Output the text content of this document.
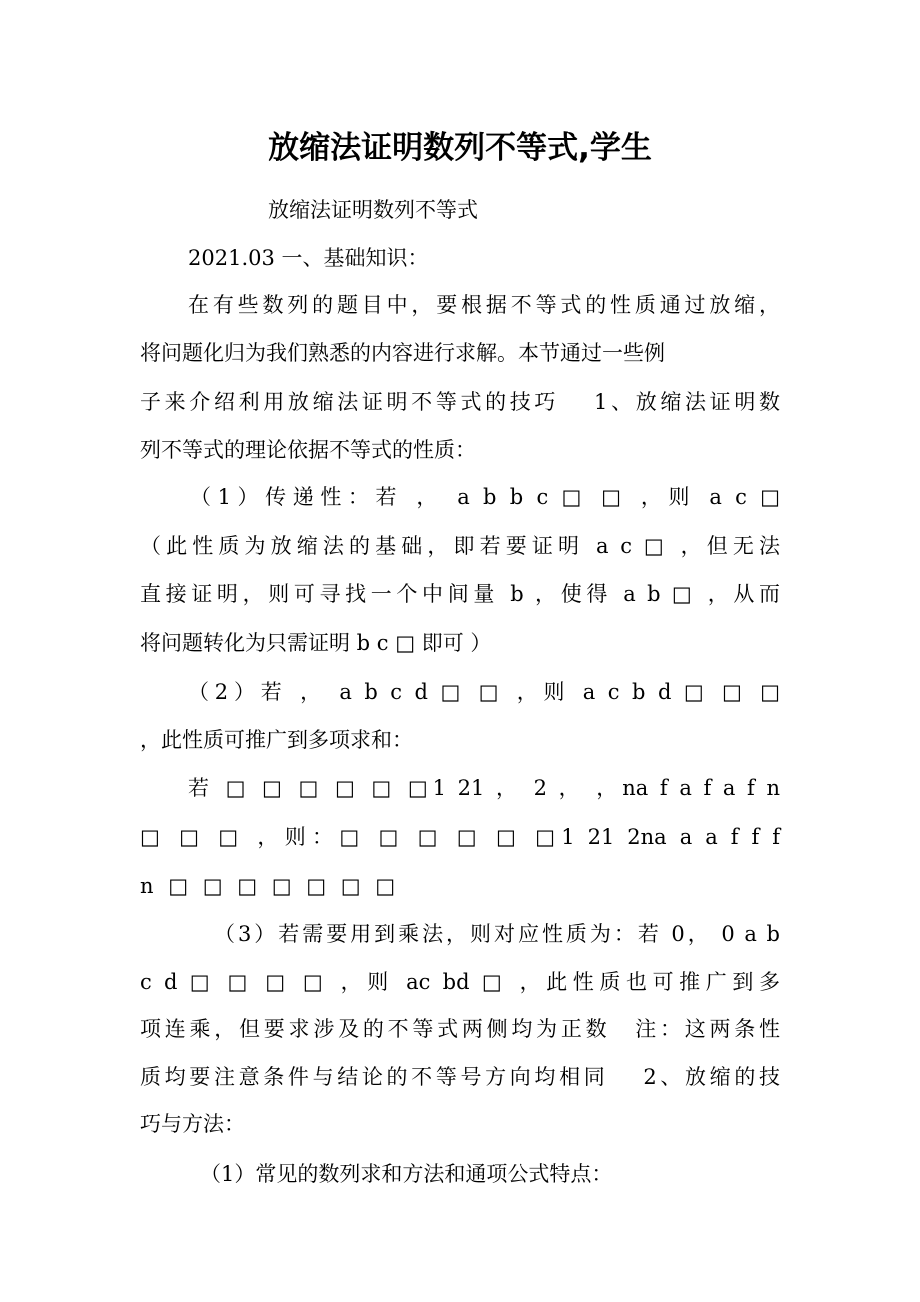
放缩法证明数列不等式,学生
放缩法证明数列不等式
2021.03 一、基础知识：
在有些数列的题目中，要根据不等式的性质通过放缩，
将问题化归为我们熟悉的内容进行求解。本节通过一些例
子来介绍利用放缩法证明不等式的技巧　 1、放缩法证明数
列不等式的理论依据不等式的性质：
（1）传递性：若 ， a b b c □ □ ，则 a c □
（此性质为放缩法的基础，即若要证明 a c □ ，但无法
直接证明，则可寻找一个中间量 b ，使得 a b □ ，从而
将问题转化为只需证明 b c □ 即可 ）
（2）若 ， a b c d □ □ ，则 a c b d □ □ □
，此性质可推广到多项求和：
若 □ □ □ □ □ □1 21 ， 2 ， ，na f a f a f n
□ □ □ ，则：□ □ □ □ □ □1 21 2na a a f f f
n □ □ □ □ □ □ □
（3）若需要用到乘法，则对应性质为：若 0， 0 a b
c d □ □ □ □ ，则 ac bd □ ，此性质也可推广到多
项连乘，但要求涉及的不等式两侧均为正数　注：这两条性
质均要注意条件与结论的不等号方向均相同　 2、放缩的技
巧与方法：
（1）常见的数列求和方法和通项公式特点：
